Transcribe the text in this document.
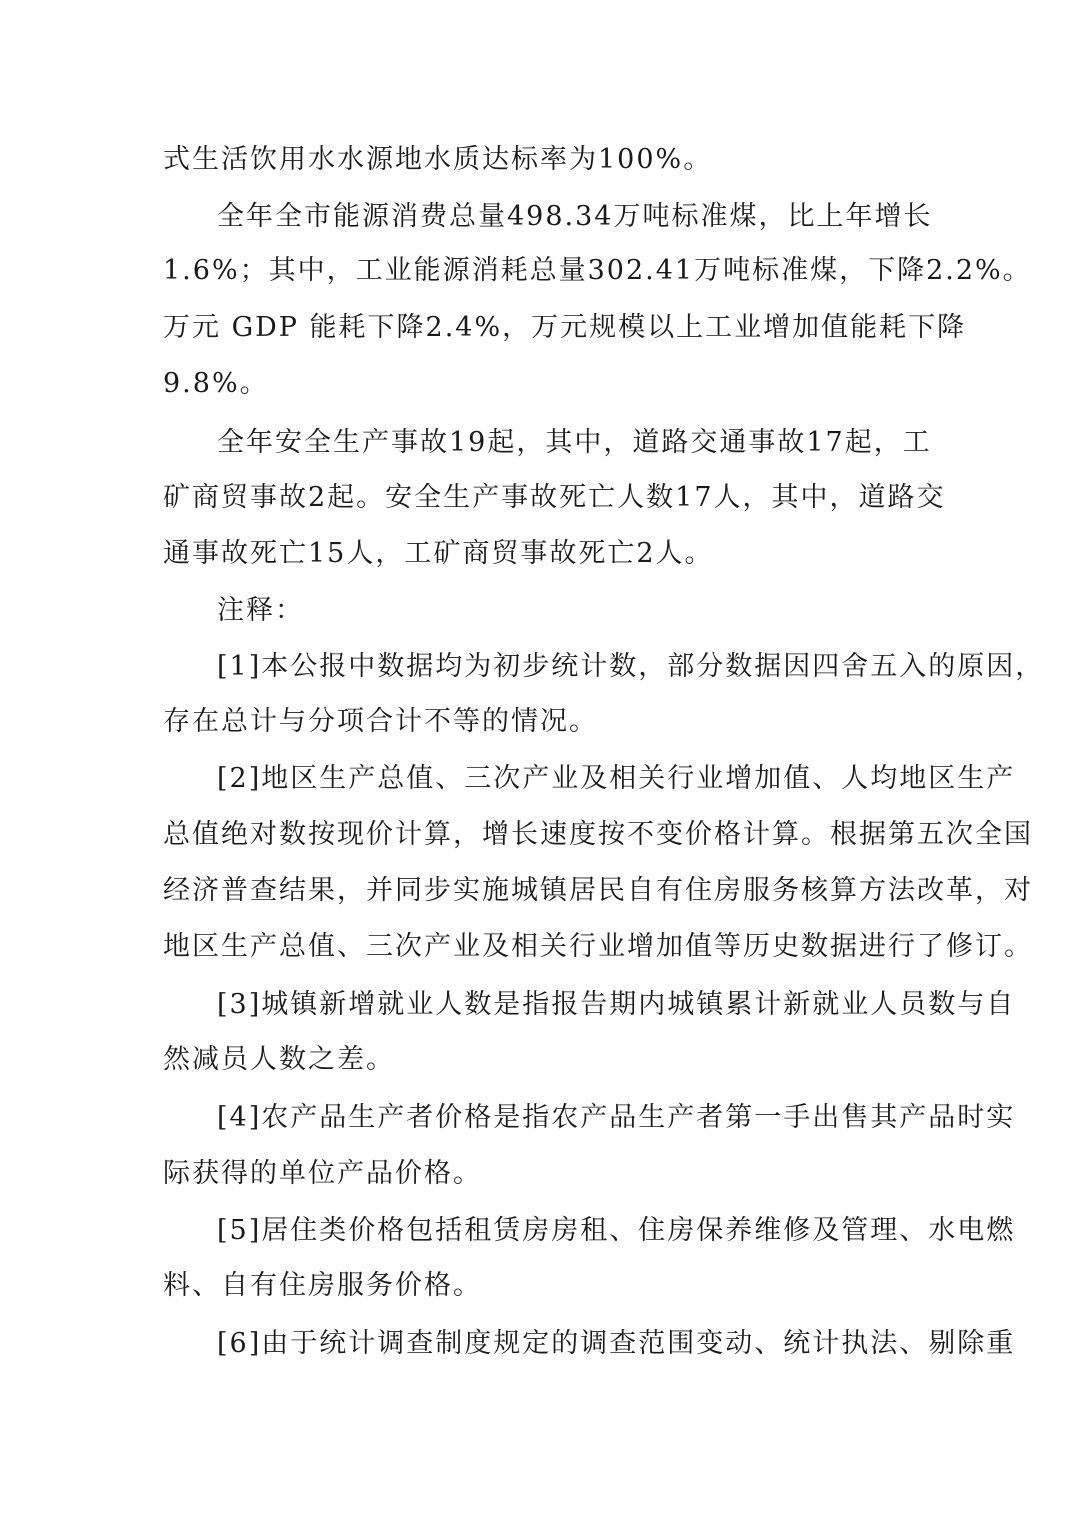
式生活饮用水水源地水质达标率为100%。
全年全市能源消费总量498.34万吨标准煤，比上年增长
1.6%；其中，工业能源消耗总量302.41万吨标准煤，下降2.2%。
万元 GDP 能耗下降2.4%，万元规模以上工业增加值能耗下降
9.8%。
全年安全生产事故19起，其中，道路交通事故17起，工
矿商贸事故2起。安全生产事故死亡人数17人，其中，道路交
通事故死亡15人，工矿商贸事故死亡2人。
注释：
[1]本公报中数据均为初步统计数，部分数据因四舍五入的原因，
存在总计与分项合计不等的情况。
[2]地区生产总值、三次产业及相关行业增加值、人均地区生产
总值绝对数按现价计算，增长速度按不变价格计算。根据第五次全国
经济普查结果，并同步实施城镇居民自有住房服务核算方法改革，对
地区生产总值、三次产业及相关行业增加值等历史数据进行了修订。
[3]城镇新增就业人数是指报告期内城镇累计新就业人员数与自
然减员人数之差。
[4]农产品生产者价格是指农产品生产者第一手出售其产品时实
际获得的单位产品价格。
[5]居住类价格包括租赁房房租、住房保养维修及管理、水电燃
料、自有住房服务价格。
[6]由于统计调查制度规定的调查范围变动、统计执法、剔除重
